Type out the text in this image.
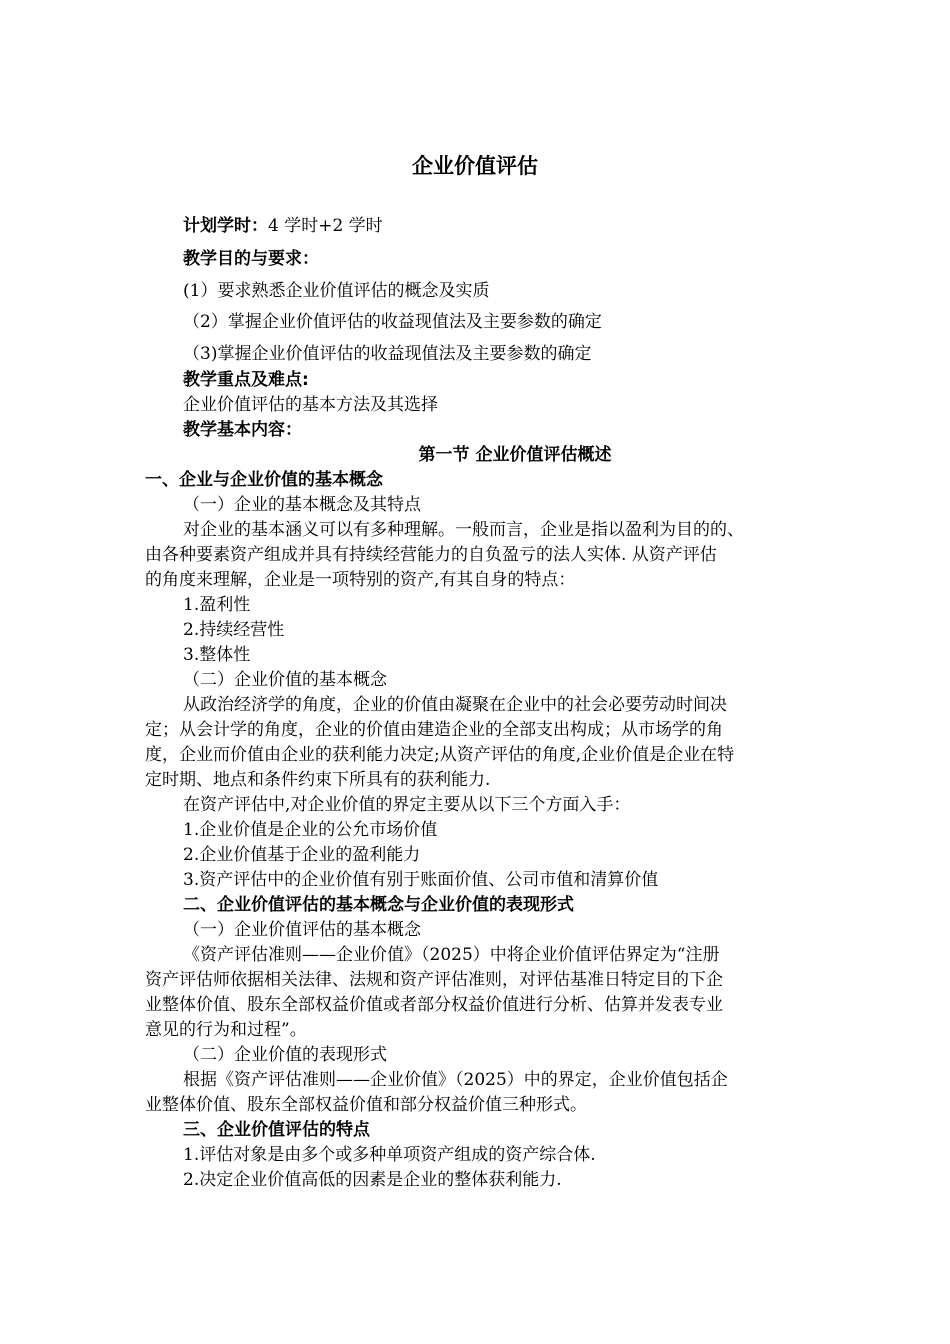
企业价值评估
计划学时：4 学时+2 学时
教学目的与要求：
(1）要求熟悉企业价值评估的概念及实质
（2）掌握企业价值评估的收益现值法及主要参数的确定
（3)掌握企业价值评估的收益现值法及主要参数的确定
教学重点及难点:
企业价值评估的基本方法及其选择
教学基本内容：
第一节 企业价值评估概述
一、企业与企业价值的基本概念
（一）企业的基本概念及其特点
对企业的基本涵义可以有多种理解。一般而言，企业是指以盈利为目的的、
由各种要素资产组成并具有持续经营能力的自负盈亏的法人实体. 从资产评估
的角度来理解，企业是一项特别的资产,有其自身的特点：
1.盈利性
2.持续经营性
3.整体性
（二）企业价值的基本概念
从政治经济学的角度，企业的价值由凝聚在企业中的社会必要劳动时间决
定；从会计学的角度，企业的价值由建造企业的全部支出构成；从市场学的角
度，企业而价值由企业的获利能力决定;从资产评估的角度,企业价值是企业在特
定时期、地点和条件约束下所具有的获利能力.
在资产评估中,对企业价值的界定主要从以下三个方面入手：
1.企业价值是企业的公允市场价值
2.企业价值基于企业的盈利能力
3.资产评估中的企业价值有别于账面价值、公司市值和清算价值
二、企业价值评估的基本概念与企业价值的表现形式
（一）企业价值评估的基本概念
《资产评估准则——企业价值》（2025）中将企业价值评估界定为“注册
资产评估师依据相关法律、法规和资产评估准则，对评估基准日特定目的下企
业整体价值、股东全部权益价值或者部分权益价值进行分析、估算并发表专业
意见的行为和过程”。
（二）企业价值的表现形式
根据《资产评估准则——企业价值》（2025）中的界定，企业价值包括企
业整体价值、股东全部权益价值和部分权益价值三种形式。
三、企业价值评估的特点
1.评估对象是由多个或多种单项资产组成的资产综合体.
2.决定企业价值高低的因素是企业的整体获利能力.
